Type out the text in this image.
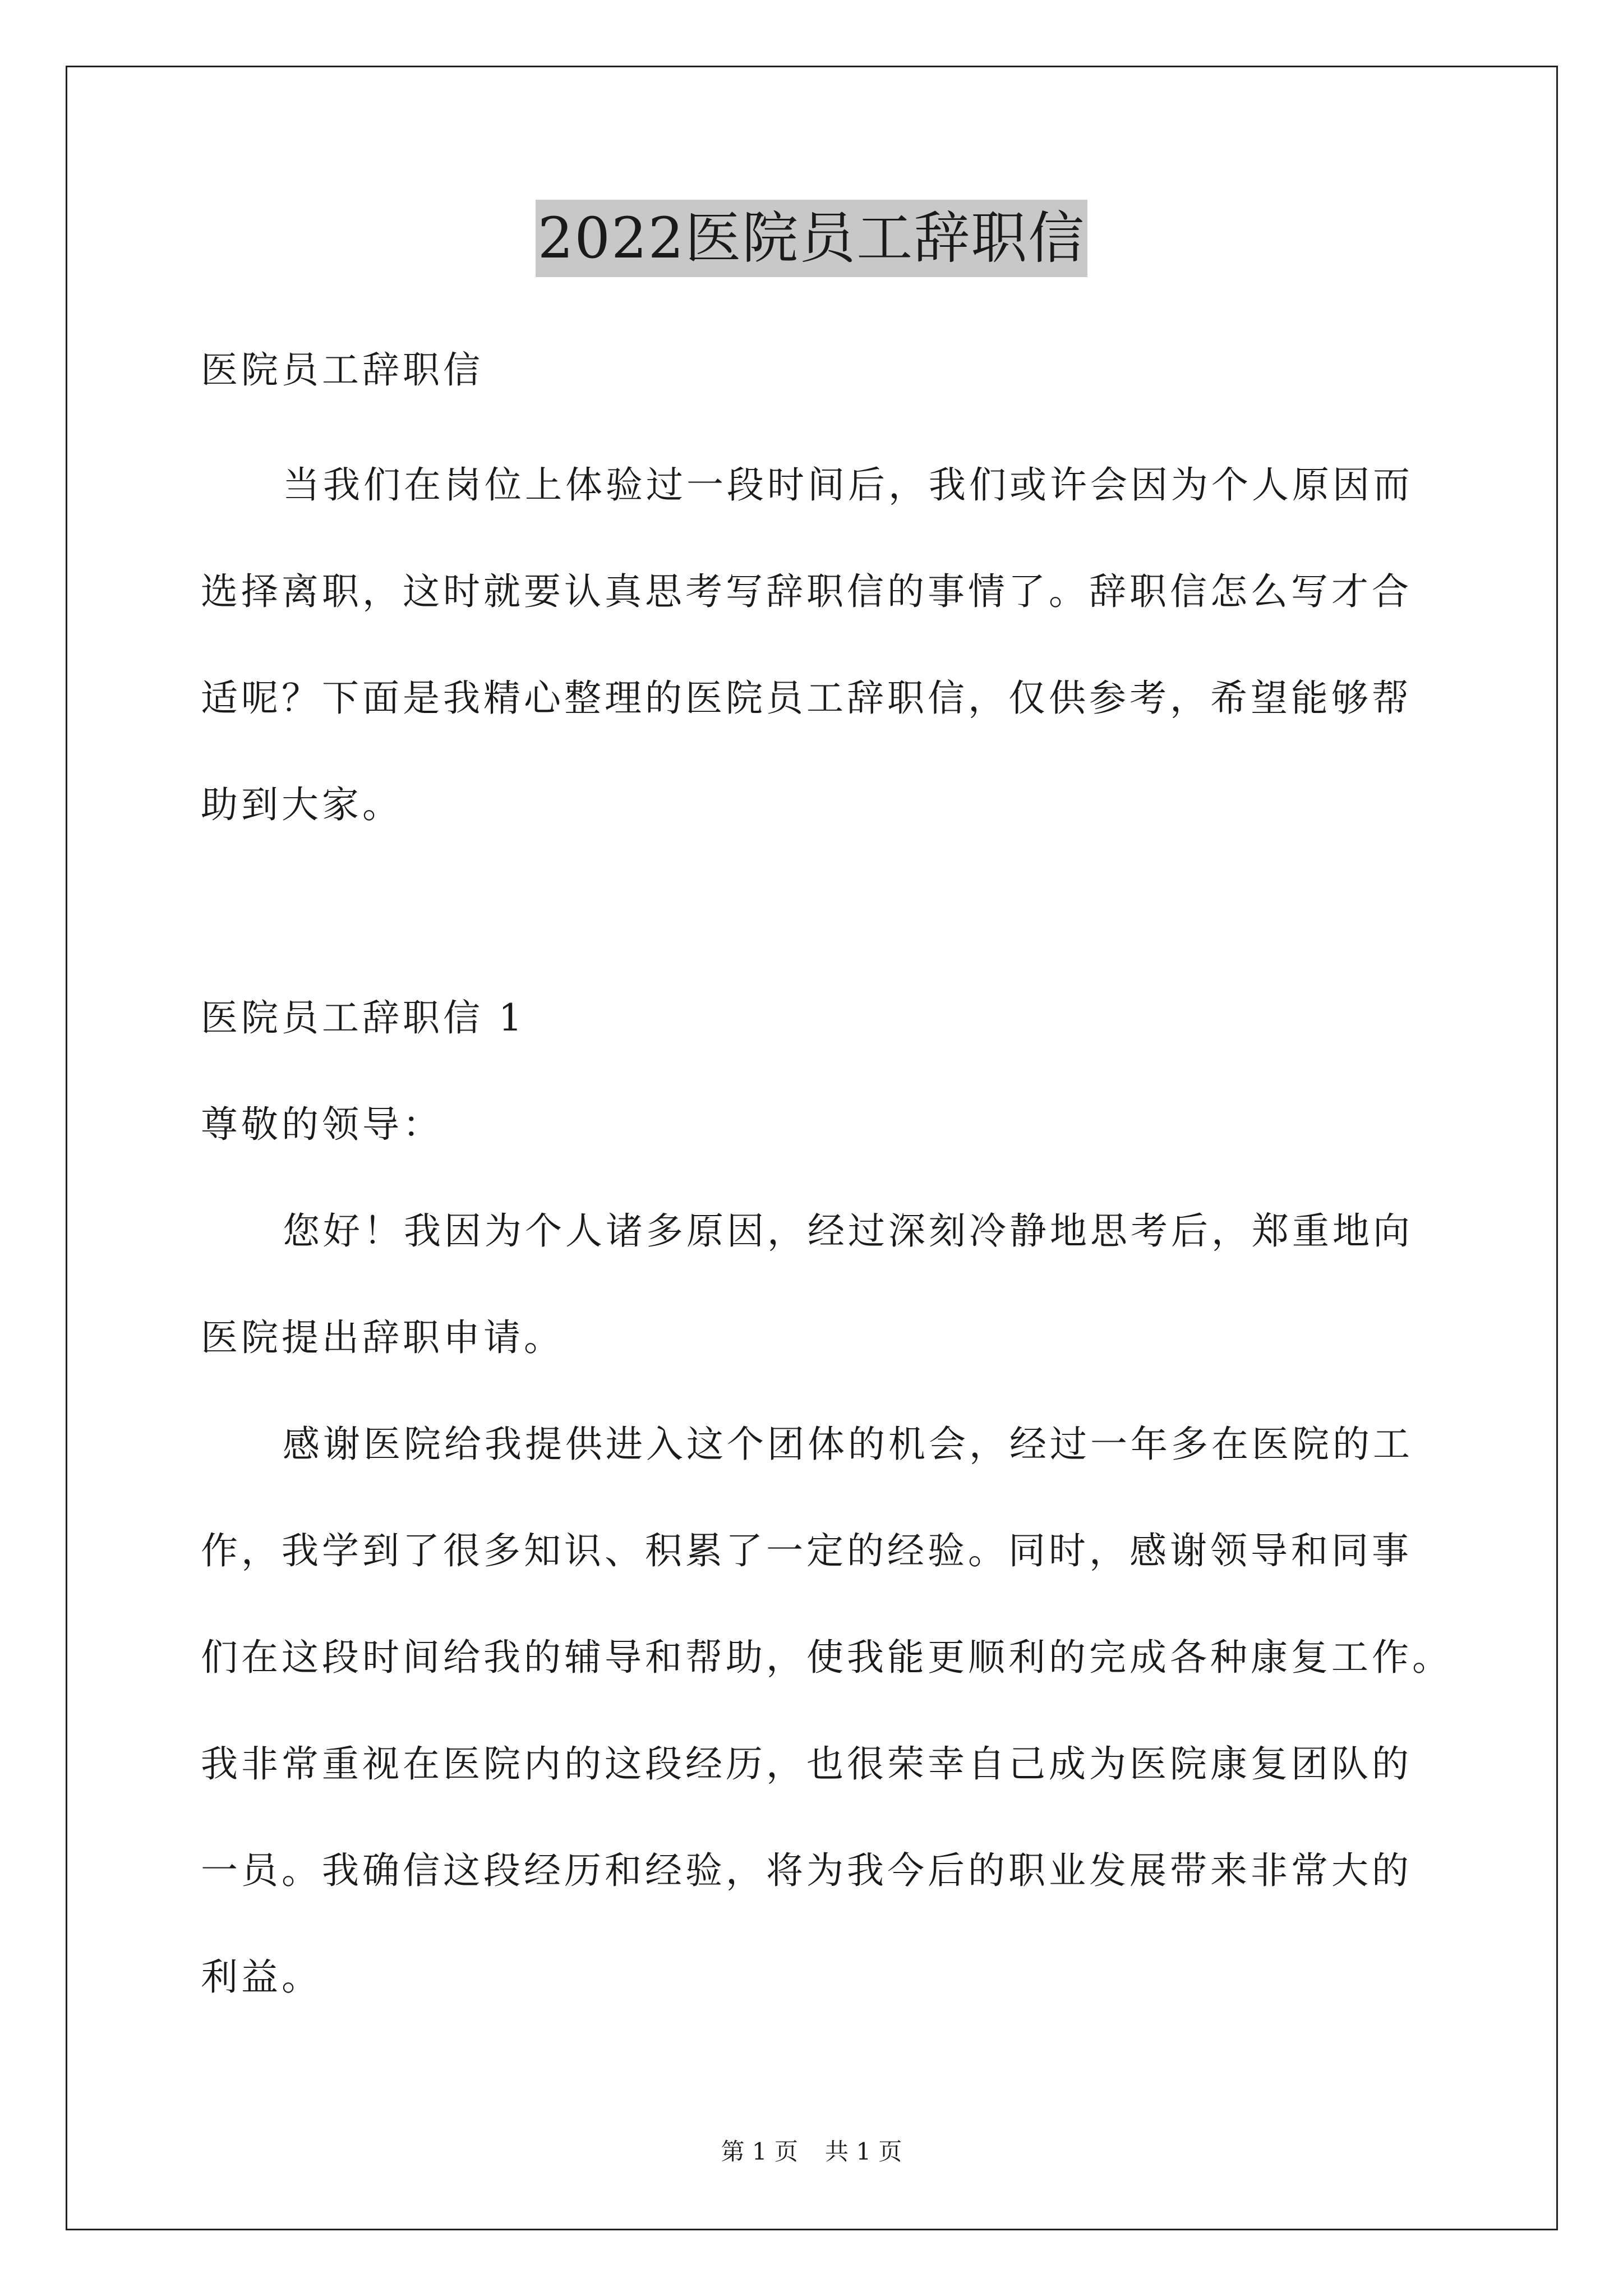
2022医院员工辞职信

医院员工辞职信

当我们在岗位上体验过一段时间后，我们或许会因为个人原因而

选择离职，这时就要认真思考写辞职信的事情了。辞职信怎么写才合

适呢？下面是我精心整理的医院员工辞职信，仅供参考，希望能够帮

助到大家。

医院员工辞职信 1

尊敬的领导：

您好！我因为个人诸多原因，经过深刻冷静地思考后，郑重地向

医院提出辞职申请。

感谢医院给我提供进入这个团体的机会，经过一年多在医院的工

作，我学到了很多知识、积累了一定的经验。同时，感谢领导和同事

们在这段时间给我的辅导和帮助，使我能更顺利的完成各种康复工作。

我非常重视在医院内的这段经历，也很荣幸自己成为医院康复团队的

一员。我确信这段经历和经验，将为我今后的职业发展带来非常大的

利益。

第 1 页 共 1 页
